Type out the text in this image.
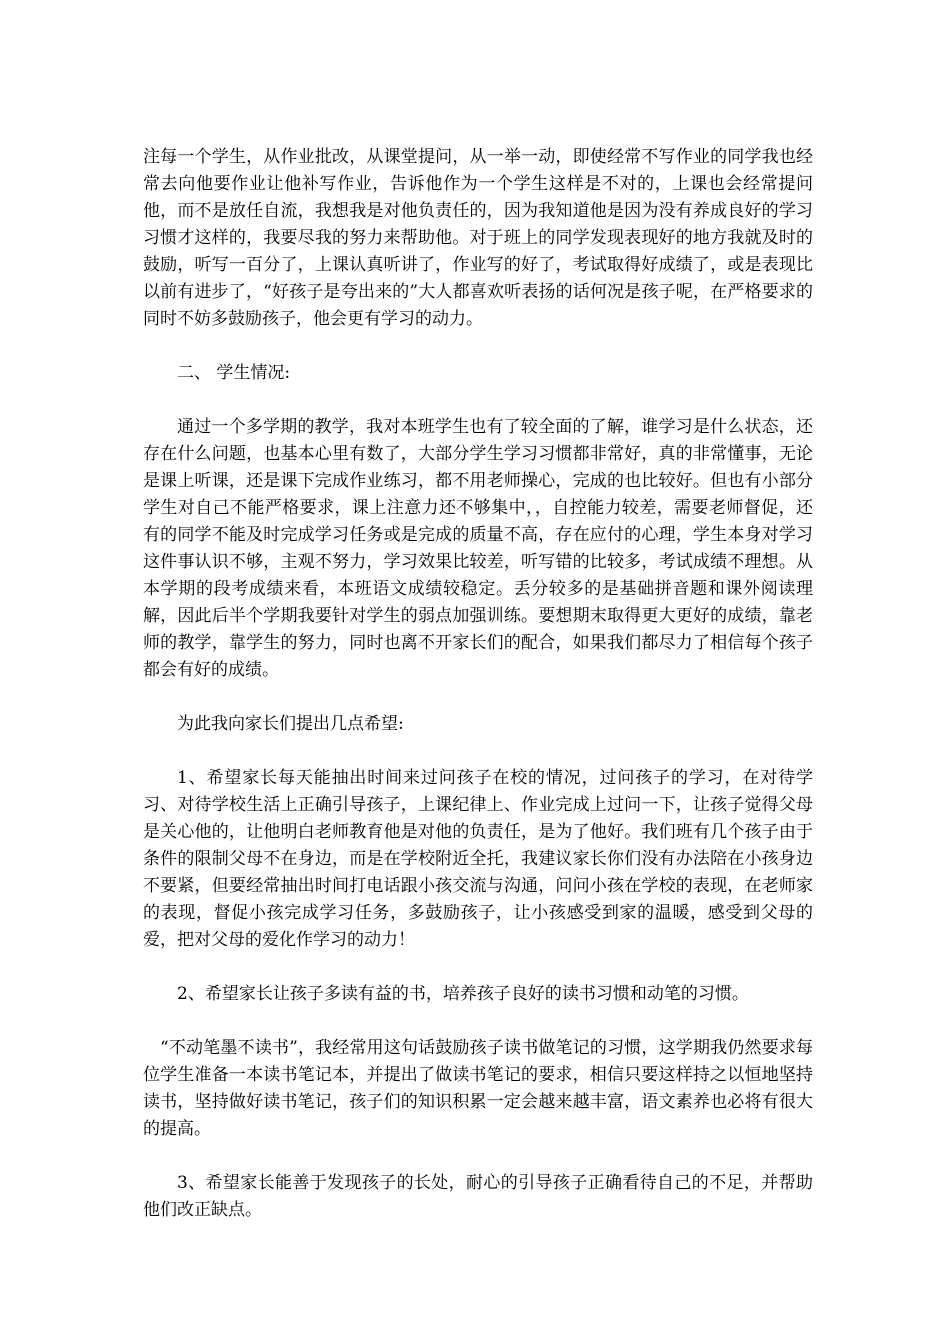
注每一个学生，从作业批改，从课堂提问，从一举一动，即使经常不写作业的同学我也经常去向他要作业让他补写作业，告诉他作为一个学生这样是不对的，上课也会经常提问他，而不是放任自流，我想我是对他负责任的，因为我知道他是因为没有养成良好的学习习惯才这样的，我要尽我的努力来帮助他。对于班上的同学发现表现好的地方我就及时的鼓励，听写一百分了，上课认真听讲了，作业写的好了，考试取得好成绩了，或是表现比以前有进步了，“好孩子是夸出来的”大人都喜欢听表扬的话何况是孩子呢，在严格要求的同时不妨多鼓励孩子，他会更有学习的动力。

二、 学生情况:

通过一个多学期的教学，我对本班学生也有了较全面的了解，谁学习是什么状态，还存在什么问题，也基本心里有数了，大部分学生学习习惯都非常好，真的非常懂事，无论是课上听课，还是课下完成作业练习，都不用老师操心，完成的也比较好。但也有小部分学生对自己不能严格要求，课上注意力还不够集中，，自控能力较差，需要老师督促，还有的同学不能及时完成学习任务或是完成的质量不高，存在应付的心理，学生本身对学习这件事认识不够，主观不努力，学习效果比较差，听写错的比较多，考试成绩不理想。从本学期的段考成绩来看，本班语文成绩较稳定。丢分较多的是基础拼音题和课外阅读理解，因此后半个学期我要针对学生的弱点加强训练。要想期末取得更大更好的成绩，靠老师的教学，靠学生的努力，同时也离不开家长们的配合，如果我们都尽力了相信每个孩子都会有好的成绩。

为此我向家长们提出几点希望:

1、希望家长每天能抽出时间来过问孩子在校的情况，过问孩子的学习，在对待学习、对待学校生活上正确引导孩子，上课纪律上、作业完成上过问一下，让孩子觉得父母是关心他的，让他明白老师教育他是对他的负责任，是为了他好。我们班有几个孩子由于条件的限制父母不在身边，而是在学校附近全托，我建议家长你们没有办法陪在小孩身边不要紧，但要经常抽出时间打电话跟小孩交流与沟通，问问小孩在学校的表现，在老师家的表现，督促小孩完成学习任务，多鼓励孩子，让小孩感受到家的温暖，感受到父母的爱，把对父母的爱化作学习的动力！

2、希望家长让孩子多读有益的书，培养孩子良好的读书习惯和动笔的习惯。

“不动笔墨不读书”，我经常用这句话鼓励孩子读书做笔记的习惯，这学期我仍然要求每位学生准备一本读书笔记本，并提出了做读书笔记的要求，相信只要这样持之以恒地坚持读书，坚持做好读书笔记，孩子们的知识积累一定会越来越丰富，语文素养也必将有很大的提高。

3、希望家长能善于发现孩子的长处，耐心的引导孩子正确看待自己的不足，并帮助他们改正缺点。
